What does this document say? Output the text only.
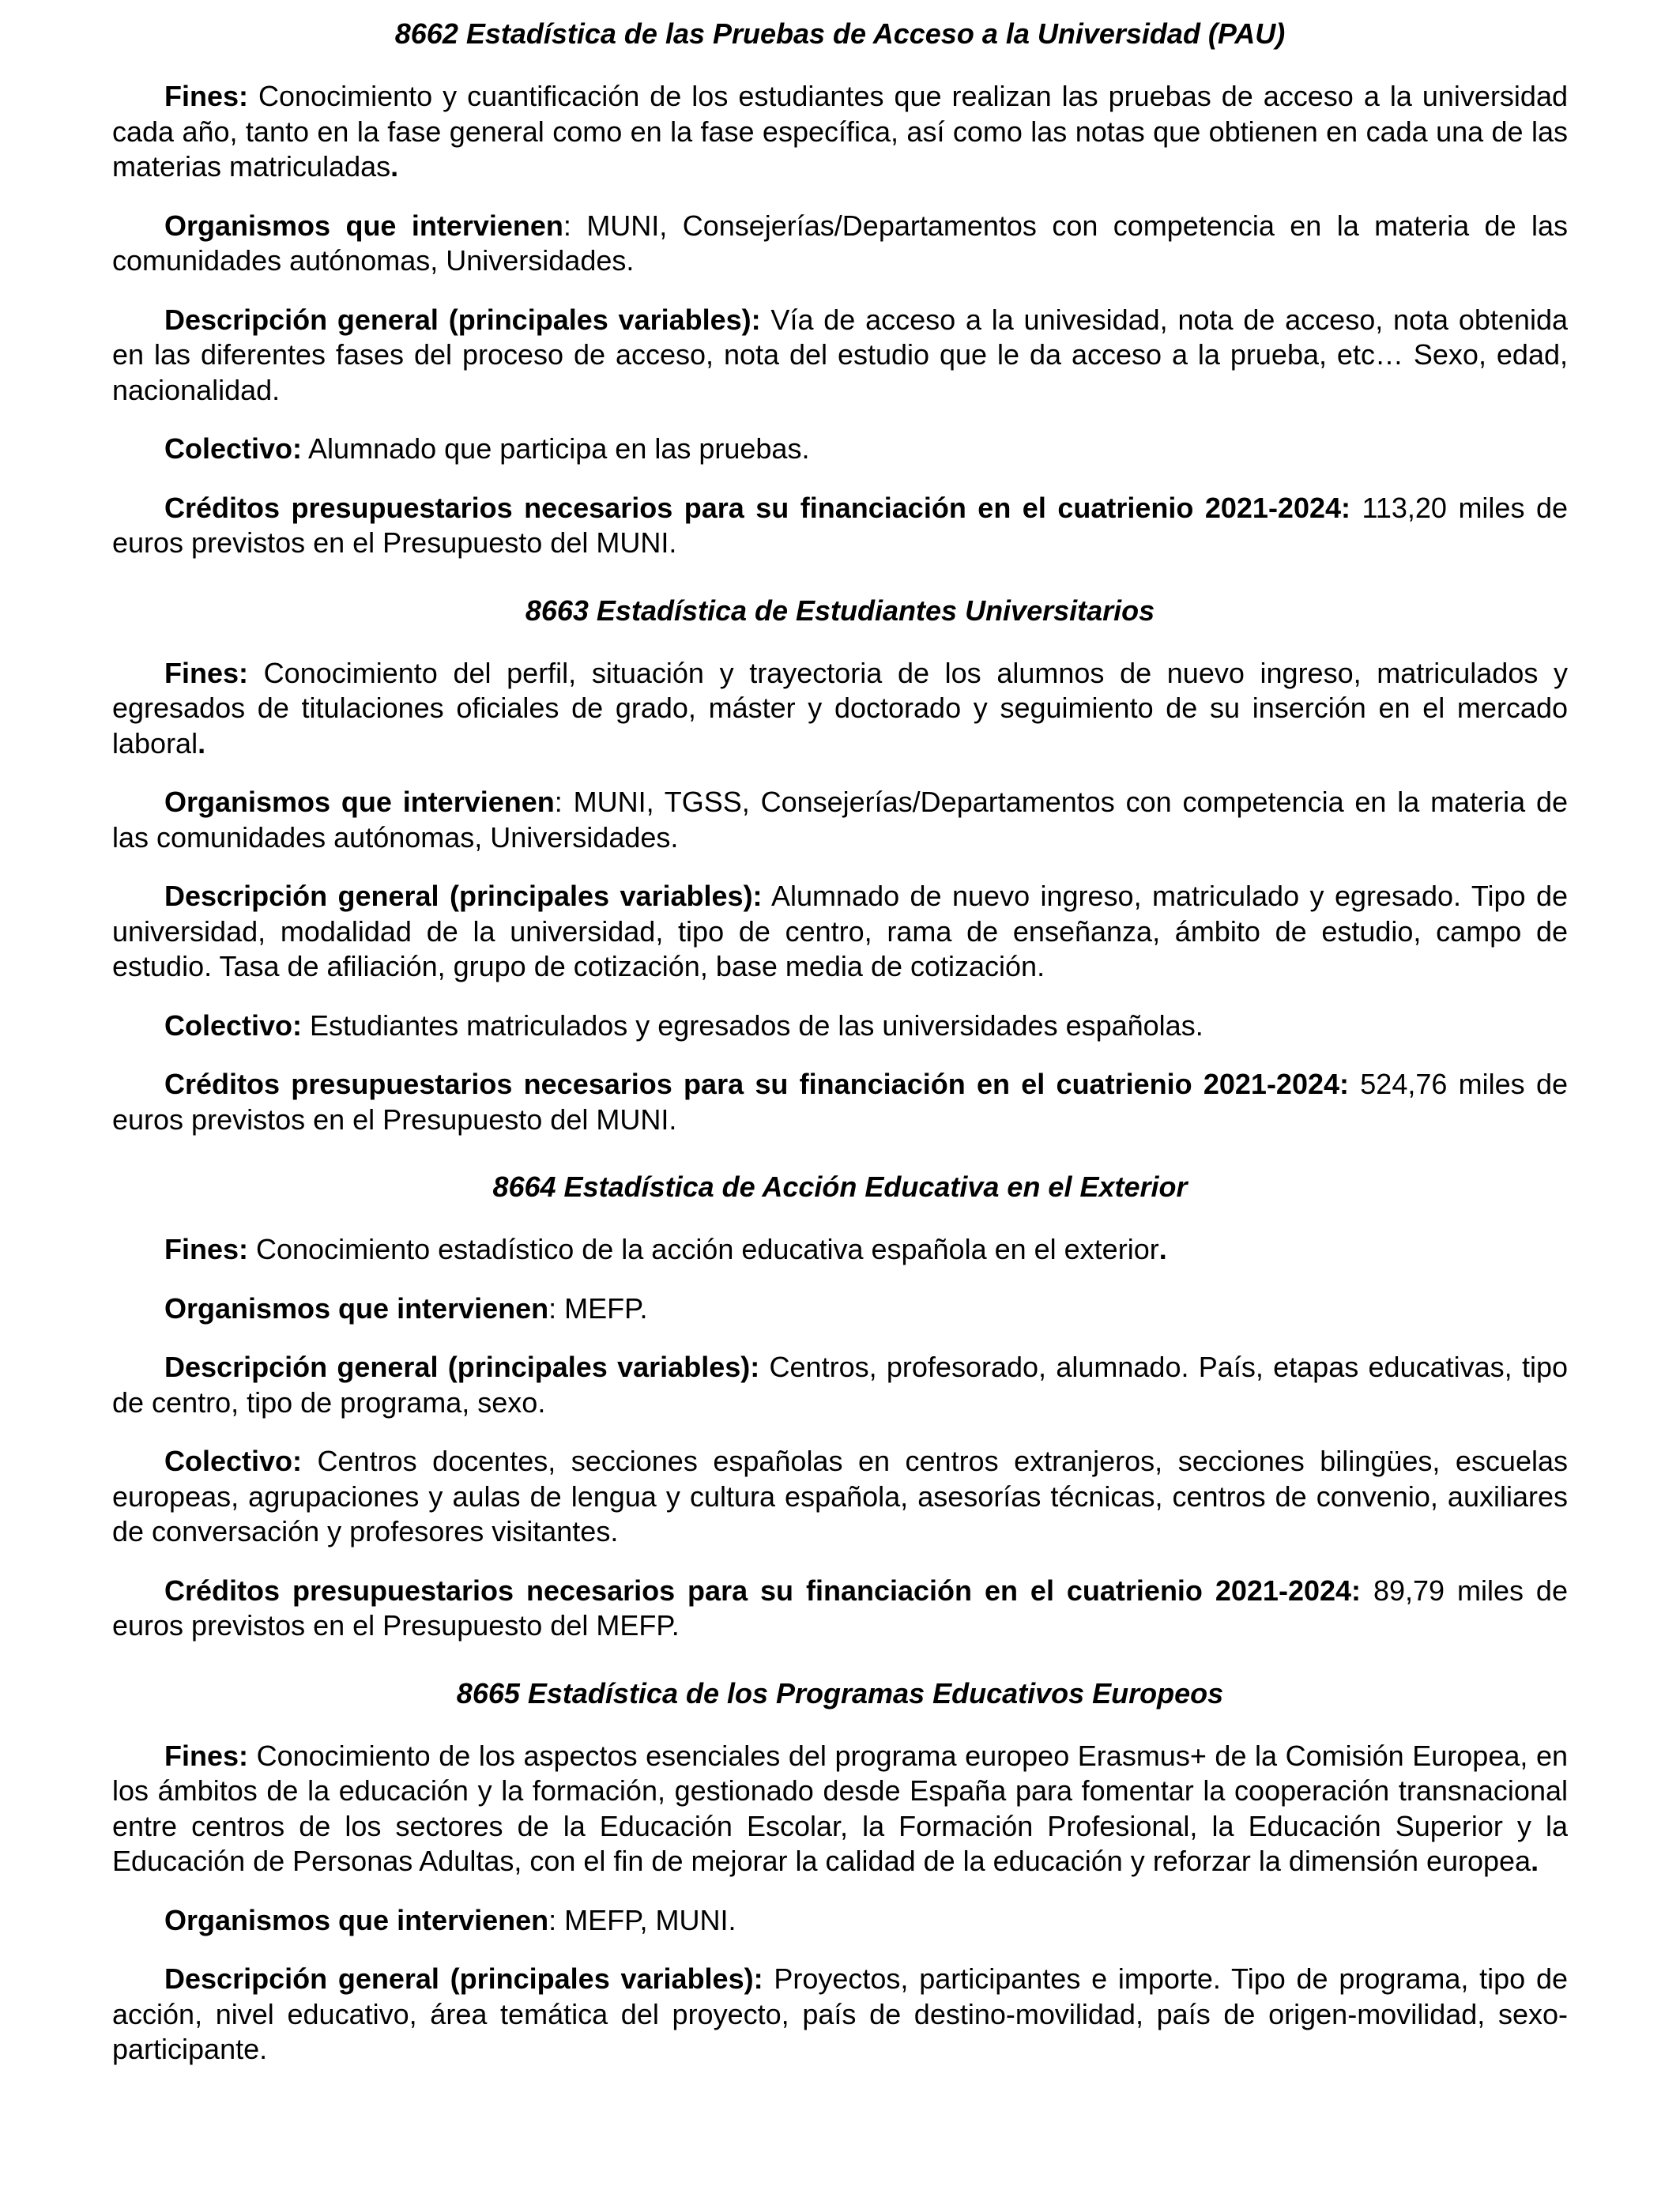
8662 Estadística de las Pruebas de Acceso a la Universidad (PAU)

Fines: Conocimiento y cuantificación de los estudiantes que realizan las pruebas de acceso a la universidad cada año, tanto en la fase general como en la fase específica, así como las notas que obtienen en cada una de las materias matriculadas.

Organismos que intervienen: MUNI, Consejerías/Departamentos con competencia en la materia de las comunidades autónomas, Universidades.

Descripción general (principales variables): Vía de acceso a la univesidad, nota de acceso, nota obtenida en las diferentes fases del proceso de acceso, nota del estudio que le da acceso a la prueba, etc… Sexo, edad, nacionalidad.

Colectivo: Alumnado que participa en las pruebas.

Créditos presupuestarios necesarios para su financiación en el cuatrienio 2021-2024: 113,20 miles de euros previstos en el Presupuesto del MUNI.

8663 Estadística de Estudiantes Universitarios

Fines: Conocimiento del perfil, situación y trayectoria de los alumnos de nuevo ingreso, matriculados y egresados de titulaciones oficiales de grado, máster y doctorado y seguimiento de su inserción en el mercado laboral.

Organismos que intervienen: MUNI, TGSS, Consejerías/Departamentos con competencia en la materia de las comunidades autónomas, Universidades.

Descripción general (principales variables): Alumnado de nuevo ingreso, matriculado y egresado. Tipo de universidad, modalidad de la universidad, tipo de centro, rama de enseñanza, ámbito de estudio, campo de estudio. Tasa de afiliación, grupo de cotización, base media de cotización.

Colectivo: Estudiantes matriculados y egresados de las universidades españolas.

Créditos presupuestarios necesarios para su financiación en el cuatrienio 2021-2024: 524,76 miles de euros previstos en el Presupuesto del MUNI.

8664 Estadística de Acción Educativa en el Exterior

Fines: Conocimiento estadístico de la acción educativa española en el exterior.

Organismos que intervienen: MEFP.

Descripción general (principales variables): Centros, profesorado, alumnado. País, etapas educativas, tipo de centro, tipo de programa, sexo.

Colectivo: Centros docentes, secciones españolas en centros extranjeros, secciones bilingües, escuelas europeas, agrupaciones y aulas de lengua y cultura española, asesorías técnicas, centros de convenio, auxiliares de conversación y profesores visitantes.

Créditos presupuestarios necesarios para su financiación en el cuatrienio 2021-2024: 89,79 miles de euros previstos en el Presupuesto del MEFP.

8665 Estadística de los Programas Educativos Europeos

Fines: Conocimiento de los aspectos esenciales del programa europeo Erasmus+ de la Comisión Europea, en los ámbitos de la educación y la formación, gestionado desde España para fomentar la cooperación transnacional entre centros de los sectores de la Educación Escolar, la Formación Profesional, la Educación Superior y la Educación de Personas Adultas, con el fin de mejorar la calidad de la educación y reforzar la dimensión europea.

Organismos que intervienen: MEFP, MUNI.

Descripción general (principales variables): Proyectos, participantes e importe. Tipo de programa, tipo de acción, nivel educativo, área temática del proyecto, país de destino-movilidad, país de origen-movilidad, sexo-participante.
